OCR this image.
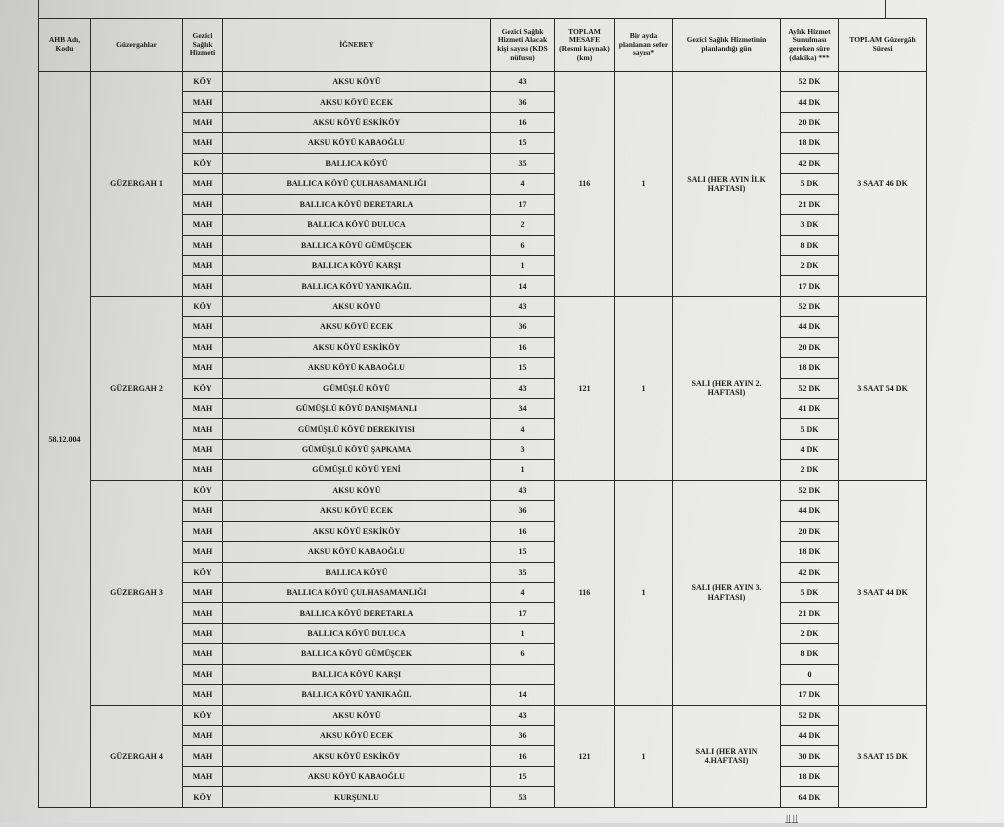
AHB Adı, Kodu	Güzergahlar	Gezici Sağlık Hizmeti	İĞNEBEY	Gezici Sağlık Hizmeti Alacak kişi sayısı (KDS nüfusu)	TOPLAM MESAFE (Resmi kaynak) (km)	Bir ayda planlanan sefer sayısı*	Gezici Sağlık Hizmetinin planlandığı gün	Aylık Hizmet Sunulması gereken süre (dakika) ***	TOPLAM Güzergâh Süresi
58.12.004	GÜZERGAH 1	KÖY	AKSU KÖYÜ	43	116	1	SALI (HER AYIN İLK HAFTASI)	52 DK	3 SAAT 46 DK
		MAH	AKSU KÖYÜ ECEK	36				44 DK	
		MAH	AKSU KÖYÜ ESKİKÖY	16				20 DK	
		MAH	AKSU KÖYÜ KABAOĞLU	15				18 DK	
		KÖY	BALLICA KÖYÜ	35				42 DK	
		MAH	BALLICA KÖYÜ ÇULHASAMANLIĞI	4				5 DK	
		MAH	BALLICA KÖYÜ DERETARLA	17				21 DK	
		MAH	BALLICA KÖYÜ DULUCA	2				3 DK	
		MAH	BALLICA KÖYÜ GÜMÜŞCEK	6				8 DK	
		MAH	BALLICA KÖYÜ KARŞI	1				2 DK	
		MAH	BALLICA KÖYÜ YANIKAĞIL	14				17 DK	
	GÜZERGAH 2	KÖY	AKSU KÖYÜ	43	121	1	SALI (HER AYIN 2. HAFTASI)	52 DK	3 SAAT 54 DK
		MAH	AKSU KÖYÜ ECEK	36				44 DK	
		MAH	AKSU KÖYÜ ESKİKÖY	16				20 DK	
		MAH	AKSU KÖYÜ KABAOĞLU	15				18 DK	
		KÖY	GÜMÜŞLÜ KÖYÜ	43				52 DK	
		MAH	GÜMÜŞLÜ KÖYÜ DANIŞMANLI	34				41 DK	
		MAH	GÜMÜŞLÜ KÖYÜ DEREKIYISI	4				5 DK	
		MAH	GÜMÜŞLÜ KÖYÜ ŞAPKAMA	3				4 DK	
		MAH	GÜMÜŞLÜ KÖYÜ YENİ	1				2 DK	
	GÜZERGAH 3	KÖY	AKSU KÖYÜ	43	116	1	SALI (HER AYIN 3. HAFTASI)	52 DK	3 SAAT 44 DK
		MAH	AKSU KÖYÜ ECEK	36				44 DK	
		MAH	AKSU KÖYÜ ESKİKÖY	16				20 DK	
		MAH	AKSU KÖYÜ KABAOĞLU	15				18 DK	
		KÖY	BALLICA KÖYÜ	35				42 DK	
		MAH	BALLICA KÖYÜ ÇULHASAMANLIĞI	4				5 DK	
		MAH	BALLICA KÖYÜ DERETARLA	17				21 DK	
		MAH	BALLICA KÖYÜ DULUCA	1				2 DK	
		MAH	BALLICA KÖYÜ GÜMÜŞCEK	6				8 DK	
		MAH	BALLICA KÖYÜ KARŞI					0	
		MAH	BALLICA KÖYÜ YANIKAĞIL	14				17 DK	
	GÜZERGAH 4	KÖY	AKSU KÖYÜ	43	121	1	SALI (HER AYIN 4.HAFTASI)	52 DK	3 SAAT 15 DK
		MAH	AKSU KÖYÜ ECEK	36				44 DK	
		MAH	AKSU KÖYÜ ESKİKÖY	16				30 DK	
		MAH	AKSU KÖYÜ KABAOĞLU	15				18 DK	
		KÖY	KURŞUNLU	53				64 DK	
⫫⫫
